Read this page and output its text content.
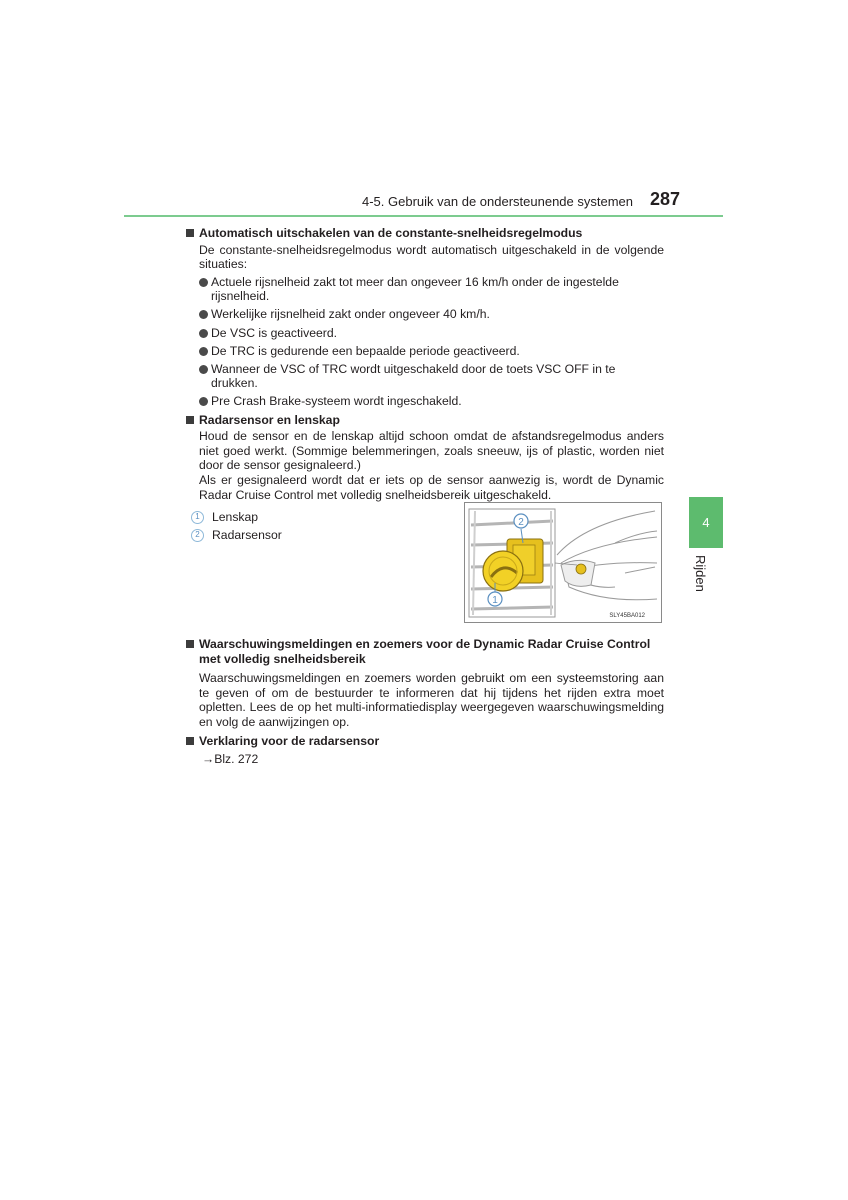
4-5. Gebruik van de ondersteunende systemen 287
4
Rijden
Automatisch uitschakelen van de constante-snelheidsregelmodus
De constante-snelheidsregelmodus wordt automatisch uitgeschakeld in de volgende situaties:
Actuele rijsnelheid zakt tot meer dan ongeveer 16 km/h onder de ingestelde rijsnelheid.
Werkelijke rijsnelheid zakt onder ongeveer 40 km/h.
De VSC is geactiveerd.
De TRC is gedurende een bepaalde periode geactiveerd.
Wanneer de VSC of TRC wordt uitgeschakeld door de toets VSC OFF in te drukken.
Pre Crash Brake-systeem wordt ingeschakeld.
Radarsensor en lenskap
Houd de sensor en de lenskap altijd schoon omdat de afstandsregelmodus anders niet goed werkt. (Sommige belemmeringen, zoals sneeuw, ijs of plastic, worden niet door de sensor gesignaleerd.)
Als er gesignaleerd wordt dat er iets op de sensor aanwezig is, wordt de Dynamic Radar Cruise Control met volledig snelheidsbereik uitgeschakeld.
1	Lenskap
2	Radarsensor
2
1
SLY45BA012
Waarschuwingsmeldingen en zoemers voor de Dynamic Radar Cruise Control met volledig snelheidsbereik
Waarschuwingsmeldingen en zoemers worden gebruikt om een systeemstoring aan te geven of om de bestuurder te informeren dat hij tijdens het rijden extra moet opletten. Lees de op het multi-informatiedisplay weergegeven waarschuwingsmelding en volg de aanwijzingen op.
Verklaring voor de radarsensor
→Blz. 272
